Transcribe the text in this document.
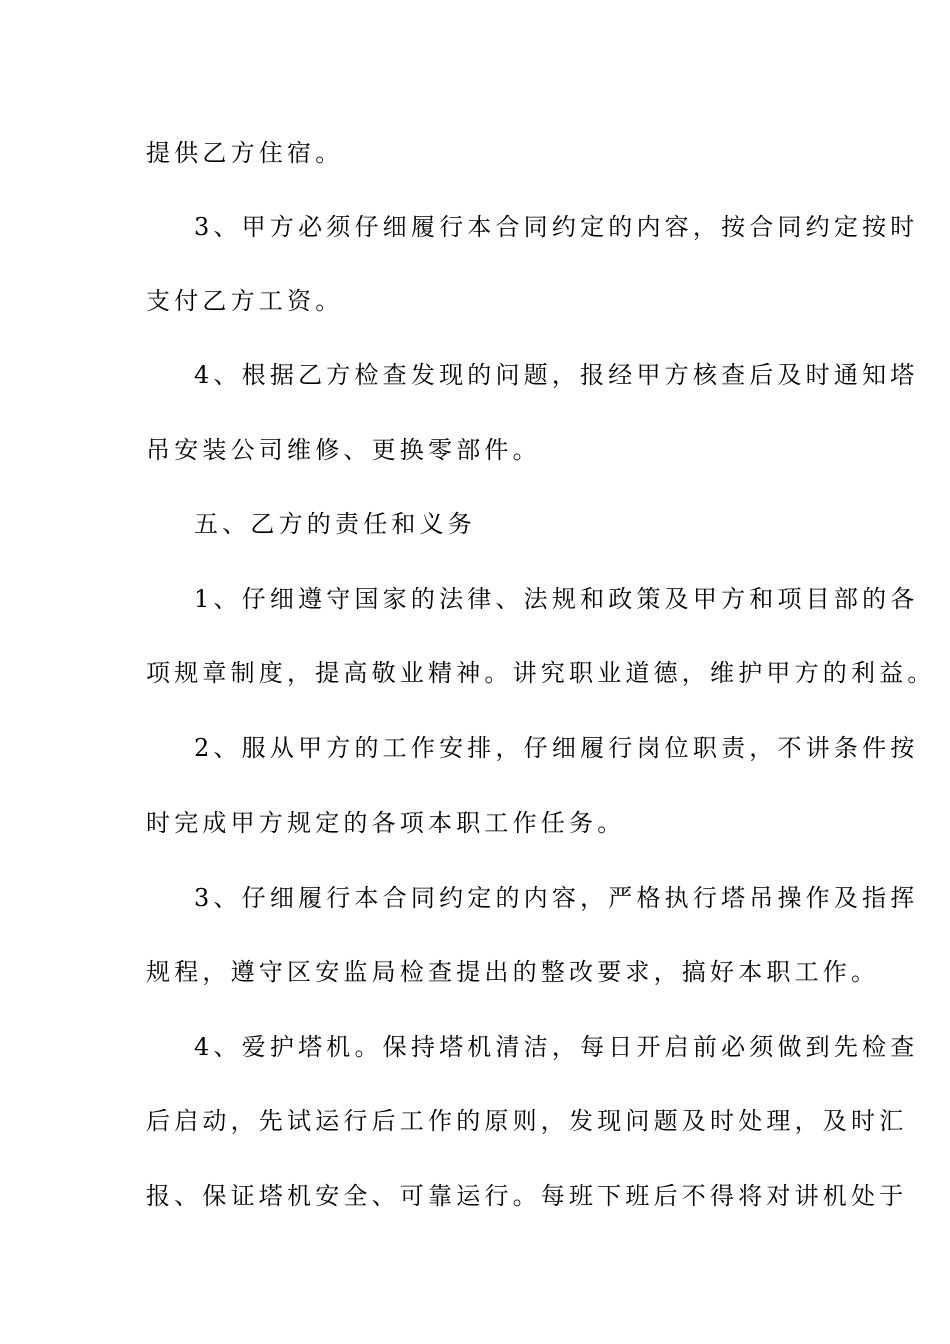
提供乙方住宿。
3、甲方必须仔细履行本合同约定的内容，按合同约定按时
支付乙方工资。
4、根据乙方检查发现的问题，报经甲方核查后及时通知塔
吊安装公司维修、更换零部件。
五、乙方的责任和义务
1、仔细遵守国家的法律、法规和政策及甲方和项目部的各
项规章制度，提高敬业精神。讲究职业道德，维护甲方的利益。
2、服从甲方的工作安排，仔细履行岗位职责，不讲条件按
时完成甲方规定的各项本职工作任务。
3、仔细履行本合同约定的内容，严格执行塔吊操作及指挥
规程，遵守区安监局检查提出的整改要求，搞好本职工作。
4、爱护塔机。保持塔机清洁，每日开启前必须做到先检查
后启动，先试运行后工作的原则，发现问题及时处理，及时汇
报、保证塔机安全、可靠运行。每班下班后不得将对讲机处于
